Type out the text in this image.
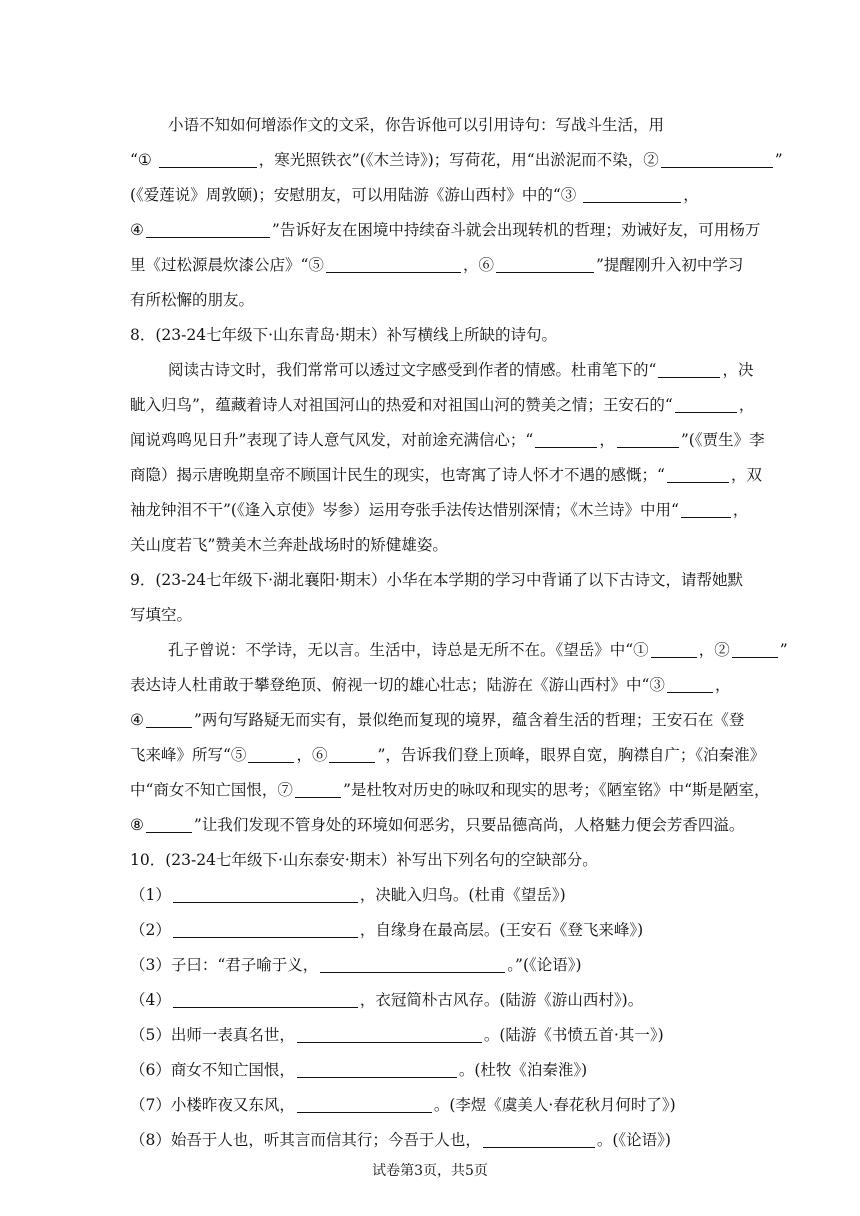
小语不知如何增添作文的文采，你告诉他可以引用诗句：写战斗生活，用
“①	，寒光照铁衣”(《木兰诗》)；写荷花，用“出淤泥而不染，②	”
(《爱莲说》周敦颐)；安慰朋友，可以用陆游《游山西村》中的“③	，
④	”告诉好友在困境中持续奋斗就会出现转机的哲理；劝诫好友，可用杨万
里《过松源晨炊漆公店》“⑤	，⑥	”提醒刚升入初中学习
有所松懈的朋友。
8．(23-24七年级下·山东青岛·期末）补写横线上所缺的诗句。
阅读古诗文时，我们常常可以透过文字感受到作者的情感。杜甫笔下的“	，决
眦入归鸟”，蕴藏着诗人对祖国河山的热爱和对祖国山河的赞美之情；王安石的“	，
闻说鸡鸣见日升”表现了诗人意气风发，对前途充满信心；“	，	”(《贾生》李
商隐）揭示唐晚期皇帝不顾国计民生的现实，也寄寓了诗人怀才不遇的感慨；“	，双
袖龙钟泪不干”(《逢入京使》岑参）运用夸张手法传达惜别深情；《木兰诗》中用“	，
关山度若飞”赞美木兰奔赴战场时的矫健雄姿。
9．(23-24七年级下·湖北襄阳·期末）小华在本学期的学习中背诵了以下古诗文，请帮她默
写填空。
孔子曾说：不学诗，无以言。生活中，诗总是无所不在。《望岳》中“①	，②	”
表达诗人杜甫敢于攀登绝顶、俯视一切的雄心壮志；陆游在《游山西村》中“③	，
④	”两句写路疑无而实有，景似绝而复现的境界，蕴含着生活的哲理；王安石在《登
飞来峰》所写“⑤	，⑥	”，告诉我们登上顶峰，眼界自宽，胸襟自广；《泊秦淮》
中“商女不知亡国恨，⑦	”是杜牧对历史的咏叹和现实的思考；《陋室铭》中“斯是陋室，
⑧	”让我们发现不管身处的环境如何恶劣，只要品德高尚，人格魅力便会芳香四溢。
10．(23-24七年级下·山东泰安·期末）补写出下列名句的空缺部分。
（1）	，决眦入归鸟。(杜甫《望岳》)
（2）	，自缘身在最高层。(王安石《登飞来峰》)
（3）子曰：“君子喻于义，	。”(《论语》)
（4）	，衣冠简朴古风存。(陆游《游山西村》)。
（5）出师一表真名世，	。(陆游《书愤五首·其一》)
（6）商女不知亡国恨，	。(杜牧《泊秦淮》)
（7）小楼昨夜又东风，	。(李煜《虞美人·春花秋月何时了》)
（8）始吾于人也，听其言而信其行；今吾于人也，	。(《论语》)
试卷第3页，共5页
